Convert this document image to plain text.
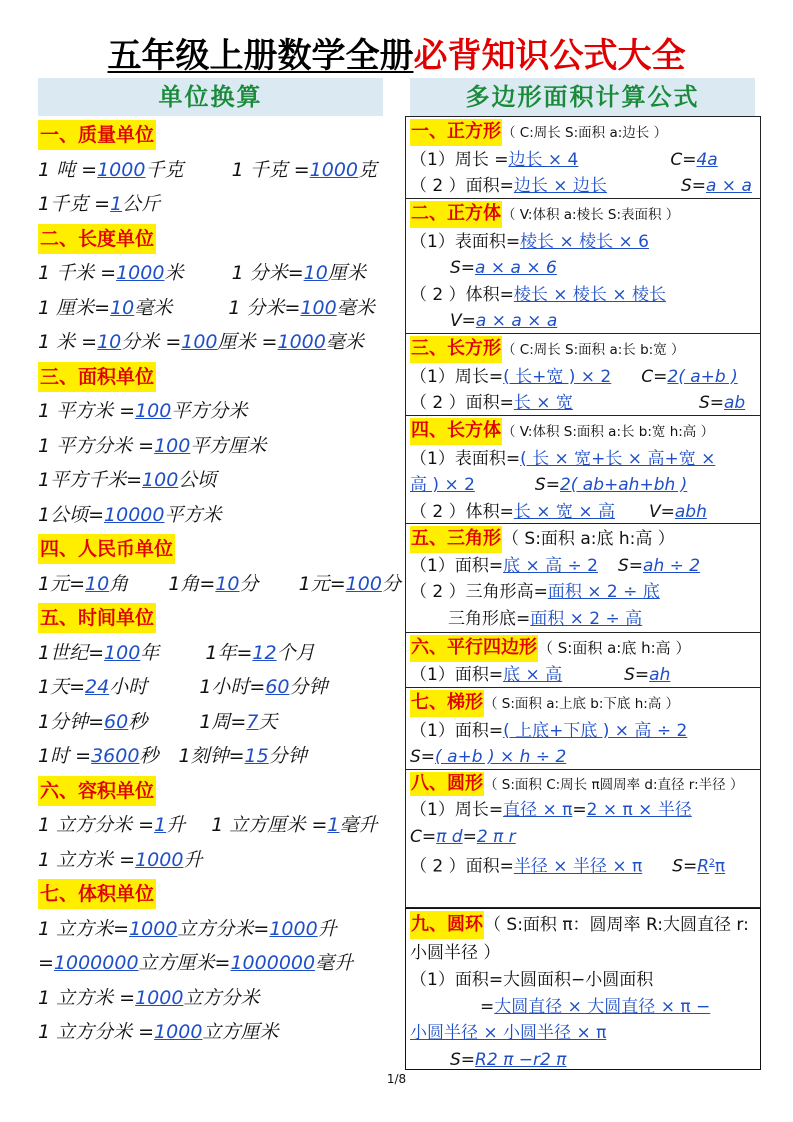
五年级上册数学全册必背知识公式大全
单位换算	多边形面积计算公式
一、质量单位
1 吨 =1000千克	1 千克 =1000克
1千克 =1公斤
二、长度单位
1 千米 =1000米	1 分米=10厘米
1 厘米=10毫米	1 分米=100毫米
1 米 =10分米 =100厘米 =1000毫米
三、面积单位
1 平方米 =100平方分米
1 平方分米 =100平方厘米
1平方千米=100公顷
1公顷=10000平方米
四、人民币单位
1元=10角 1角=10分 1元=100分
五、时间单位
1世纪=100年 1年=12个月
1天=24小时	1小时=60分钟
1分钟=60秒	1周=7天
1时 =3600秒 1刻钟=15分钟
六、容积单位
1 立方分米 =1升 1 立方厘米 =1毫升
1 立方米 =1000升
七、体积单位
1 立方米=1000立方分米=1000升
=1000000立方厘米=1000000毫升
1 立方米 =1000立方分米
1 立方分米 =1000立方厘米
一、正方形（ C:周长 S:面积 a:边长 ）
（1）周长 =边长 × 4	C=4a
（ 2 ）面积=边长 × 边长	S=a × a
二、正方体（ V:体积 a:棱长 S:表面积 ）
（1）表面积=棱长 × 棱长 × 6
S=a × a × 6
（ 2 ）体积=棱长 × 棱长 × 棱长
V=a × a × a
三、长方形（ C:周长 S:面积 a:长 b:宽 ）
（1）周长=( 长+宽 ) × 2 C=2( a+b )
（ 2 ）面积=长 × 宽	S=ab
四、长方体（ V:体积 S:面积 a:长 b:宽 h:高 ）
（1）表面积=( 长 × 宽+长 × 高+宽 ×
高 ) × 2	S=2( ab+ah+bh )
（ 2 ）体积=长 × 宽 × 高 V=abh
五、三角形（ S:面积 a:底 h:高 ）
（1）面积=底 × 高 ÷ 2 S=ah ÷ 2
（ 2 ）三角形高=面积 × 2 ÷ 底
三角形底=面积 × 2 ÷ 高
六、平行四边形（ S:面积 a:底 h:高 ）
（1）面积=底 × 高	S=ah
七、梯形（ S:面积 a:上底 b:下底 h:高 ）
（1）面积=( 上底+下底 ) × 高 ÷ 2
S=( a+b ) × h ÷ 2
八、圆形（ S:面积 C:周长 π圆周率 d:直径 r:半径 ）
（1）周长=直径 × π=2 × π × 半径
C=π d=2 π r
（ 2 ）面积=半径 × 半径 × π $S=R^2\pi$
九、圆环（ S:面积 π：圆周率 R:大圆直径 r:小圆半径 ）
（1）面积=大圆面积−小圆面积
=大圆直径 × 大圆直径 × π −
小圆半径 × 小圆半径 × π
S=R2 π −r2 π
1/8
